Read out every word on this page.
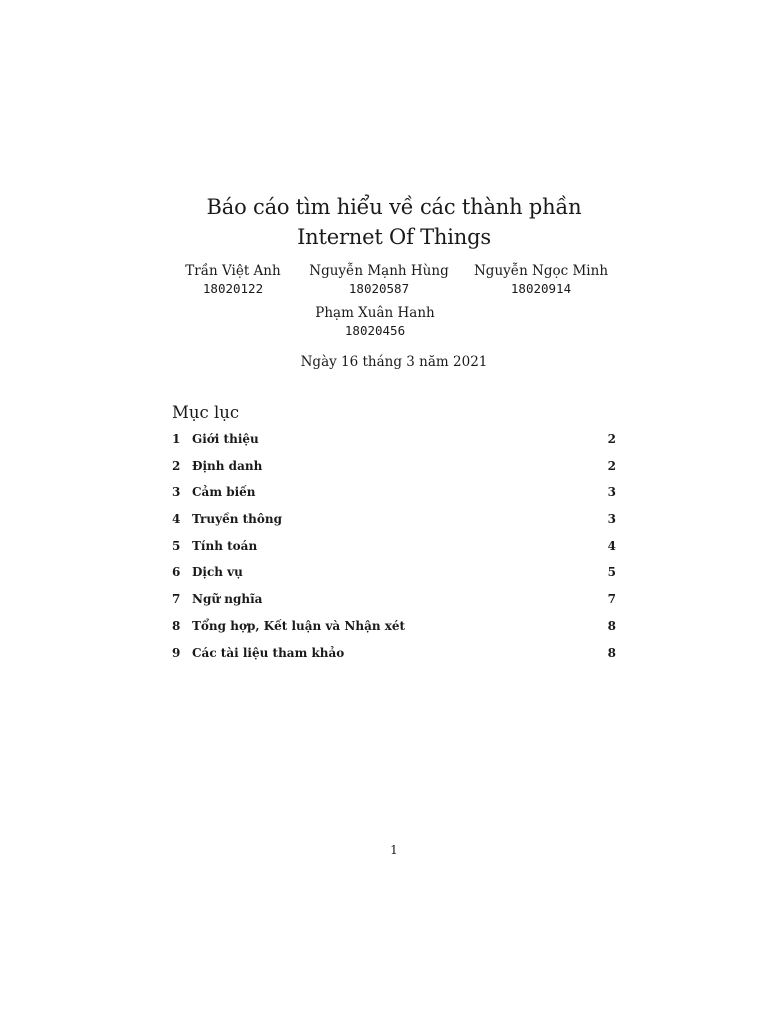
Báo cáo tìm hiểu về các thành phần
Internet Of Things
Trần Việt Anh
18020122
Nguyễn Mạnh Hùng
18020587
Nguyễn Ngọc Minh
18020914
Phạm Xuân Hanh
18020456
Ngày 16 tháng 3 năm 2021
Mục lục
1 Giới thiệu	2
2 Định danh	2
3 Cảm biến	3
4 Truyền thông	3
5 Tính toán	4
6 Dịch vụ	5
7 Ngữ nghĩa	7
8 Tổng hợp, Kết luận và Nhận xét	8
9 Các tài liệu tham khảo	8
1
